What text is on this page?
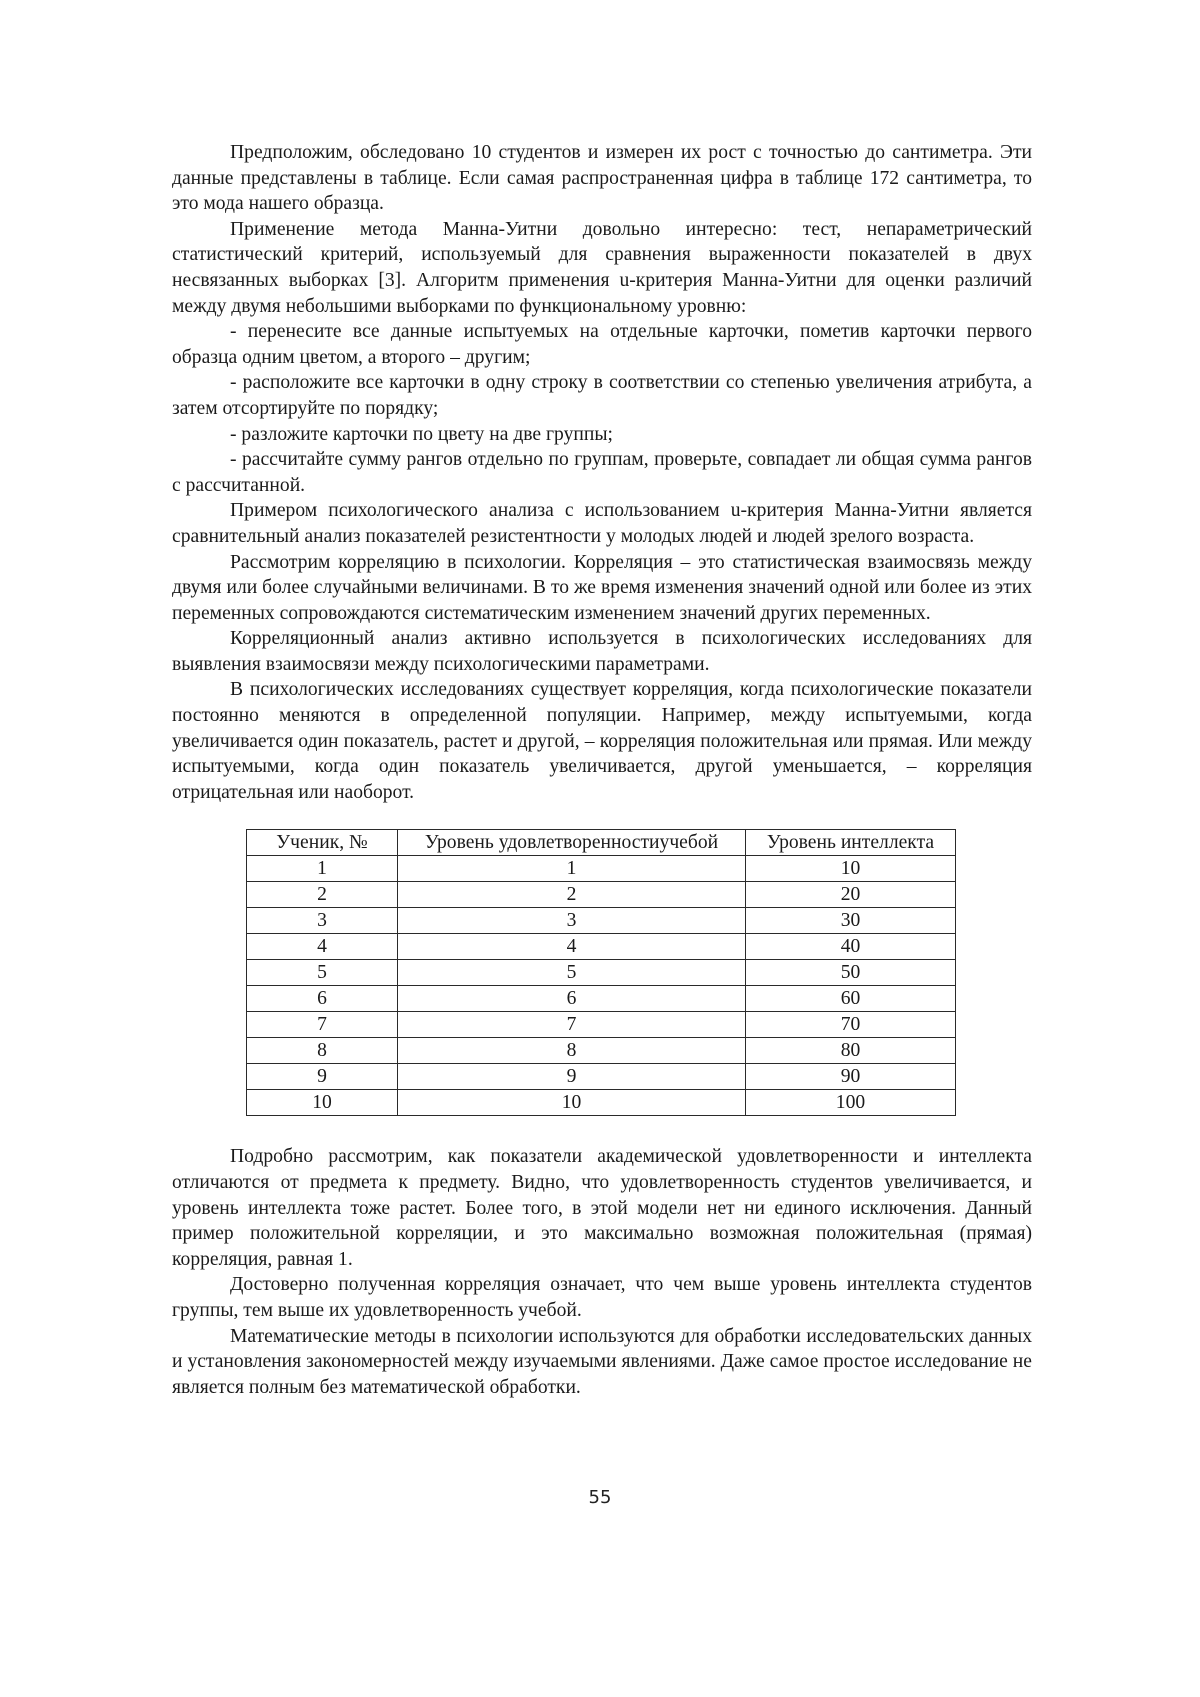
Предположим, обследовано 10 студентов и измерен их рост с точностью до сантиметра. Эти данные представлены в таблице. Если самая распространенная цифра в таблице 172 сантиметра, то это мода нашего образца.

Применение метода Манна-Уитни довольно интересно: тест, непараметрический статистический критерий, используемый для сравнения выраженности показателей в двух несвязанных выборках [3]. Алгоритм применения u-критерия Манна-Уитни для оценки различий между двумя небольшими выборками по функциональному уровню:

- перенесите все данные испытуемых на отдельные карточки, пометив карточки первого образца одним цветом, а второго – другим;

- расположите все карточки в одну строку в соответствии со степенью увеличения атрибута, а затем отсортируйте по порядку;

- разложите карточки по цвету на две группы;

- рассчитайте сумму рангов отдельно по группам, проверьте, совпадает ли общая сумма рангов с рассчитанной.

Примером психологического анализа с использованием u-критерия Манна-Уитни является сравнительный анализ показателей резистентности у молодых людей и людей зрелого возраста.

Рассмотрим корреляцию в психологии. Корреляция – это статистическая взаимосвязь между двумя или более случайными величинами. В то же время изменения значений одной или более из этих переменных сопровождаются систематическим изменением значений других переменных.

Корреляционный анализ активно используется в психологических исследованиях для выявления взаимосвязи между психологическими параметрами.

В психологических исследованиях существует корреляция, когда психологические показатели постоянно меняются в определенной популяции. Например, между испытуемыми, когда увеличивается один показатель, растет и другой, – корреляция положительная или прямая. Или между испытуемыми, когда один показатель увеличивается, другой уменьшается, – корреляция отрицательная или наоборот.

Ученик, №	Уровень удовлетворенностиучебой	Уровень интеллекта
1	1	10
2	2	20
3	3	30
4	4	40
5	5	50
6	6	60
7	7	70
8	8	80
9	9	90
10	10	100

Подробно рассмотрим, как показатели академической удовлетворенности и интеллекта отличаются от предмета к предмету. Видно, что удовлетворенность студентов увеличивается, и уровень интеллекта тоже растет. Более того, в этой модели нет ни единого исключения. Данный пример положительной корреляции, и это максимально возможная положительная (прямая) корреляция, равная 1.

Достоверно полученная корреляция означает, что чем выше уровень интеллекта студентов группы, тем выше их удовлетворенность учебой.

Математические методы в психологии используются для обработки исследовательских данных и установления закономерностей между изучаемыми явлениями. Даже самое простое исследование не является полным без математической обработки.

55
